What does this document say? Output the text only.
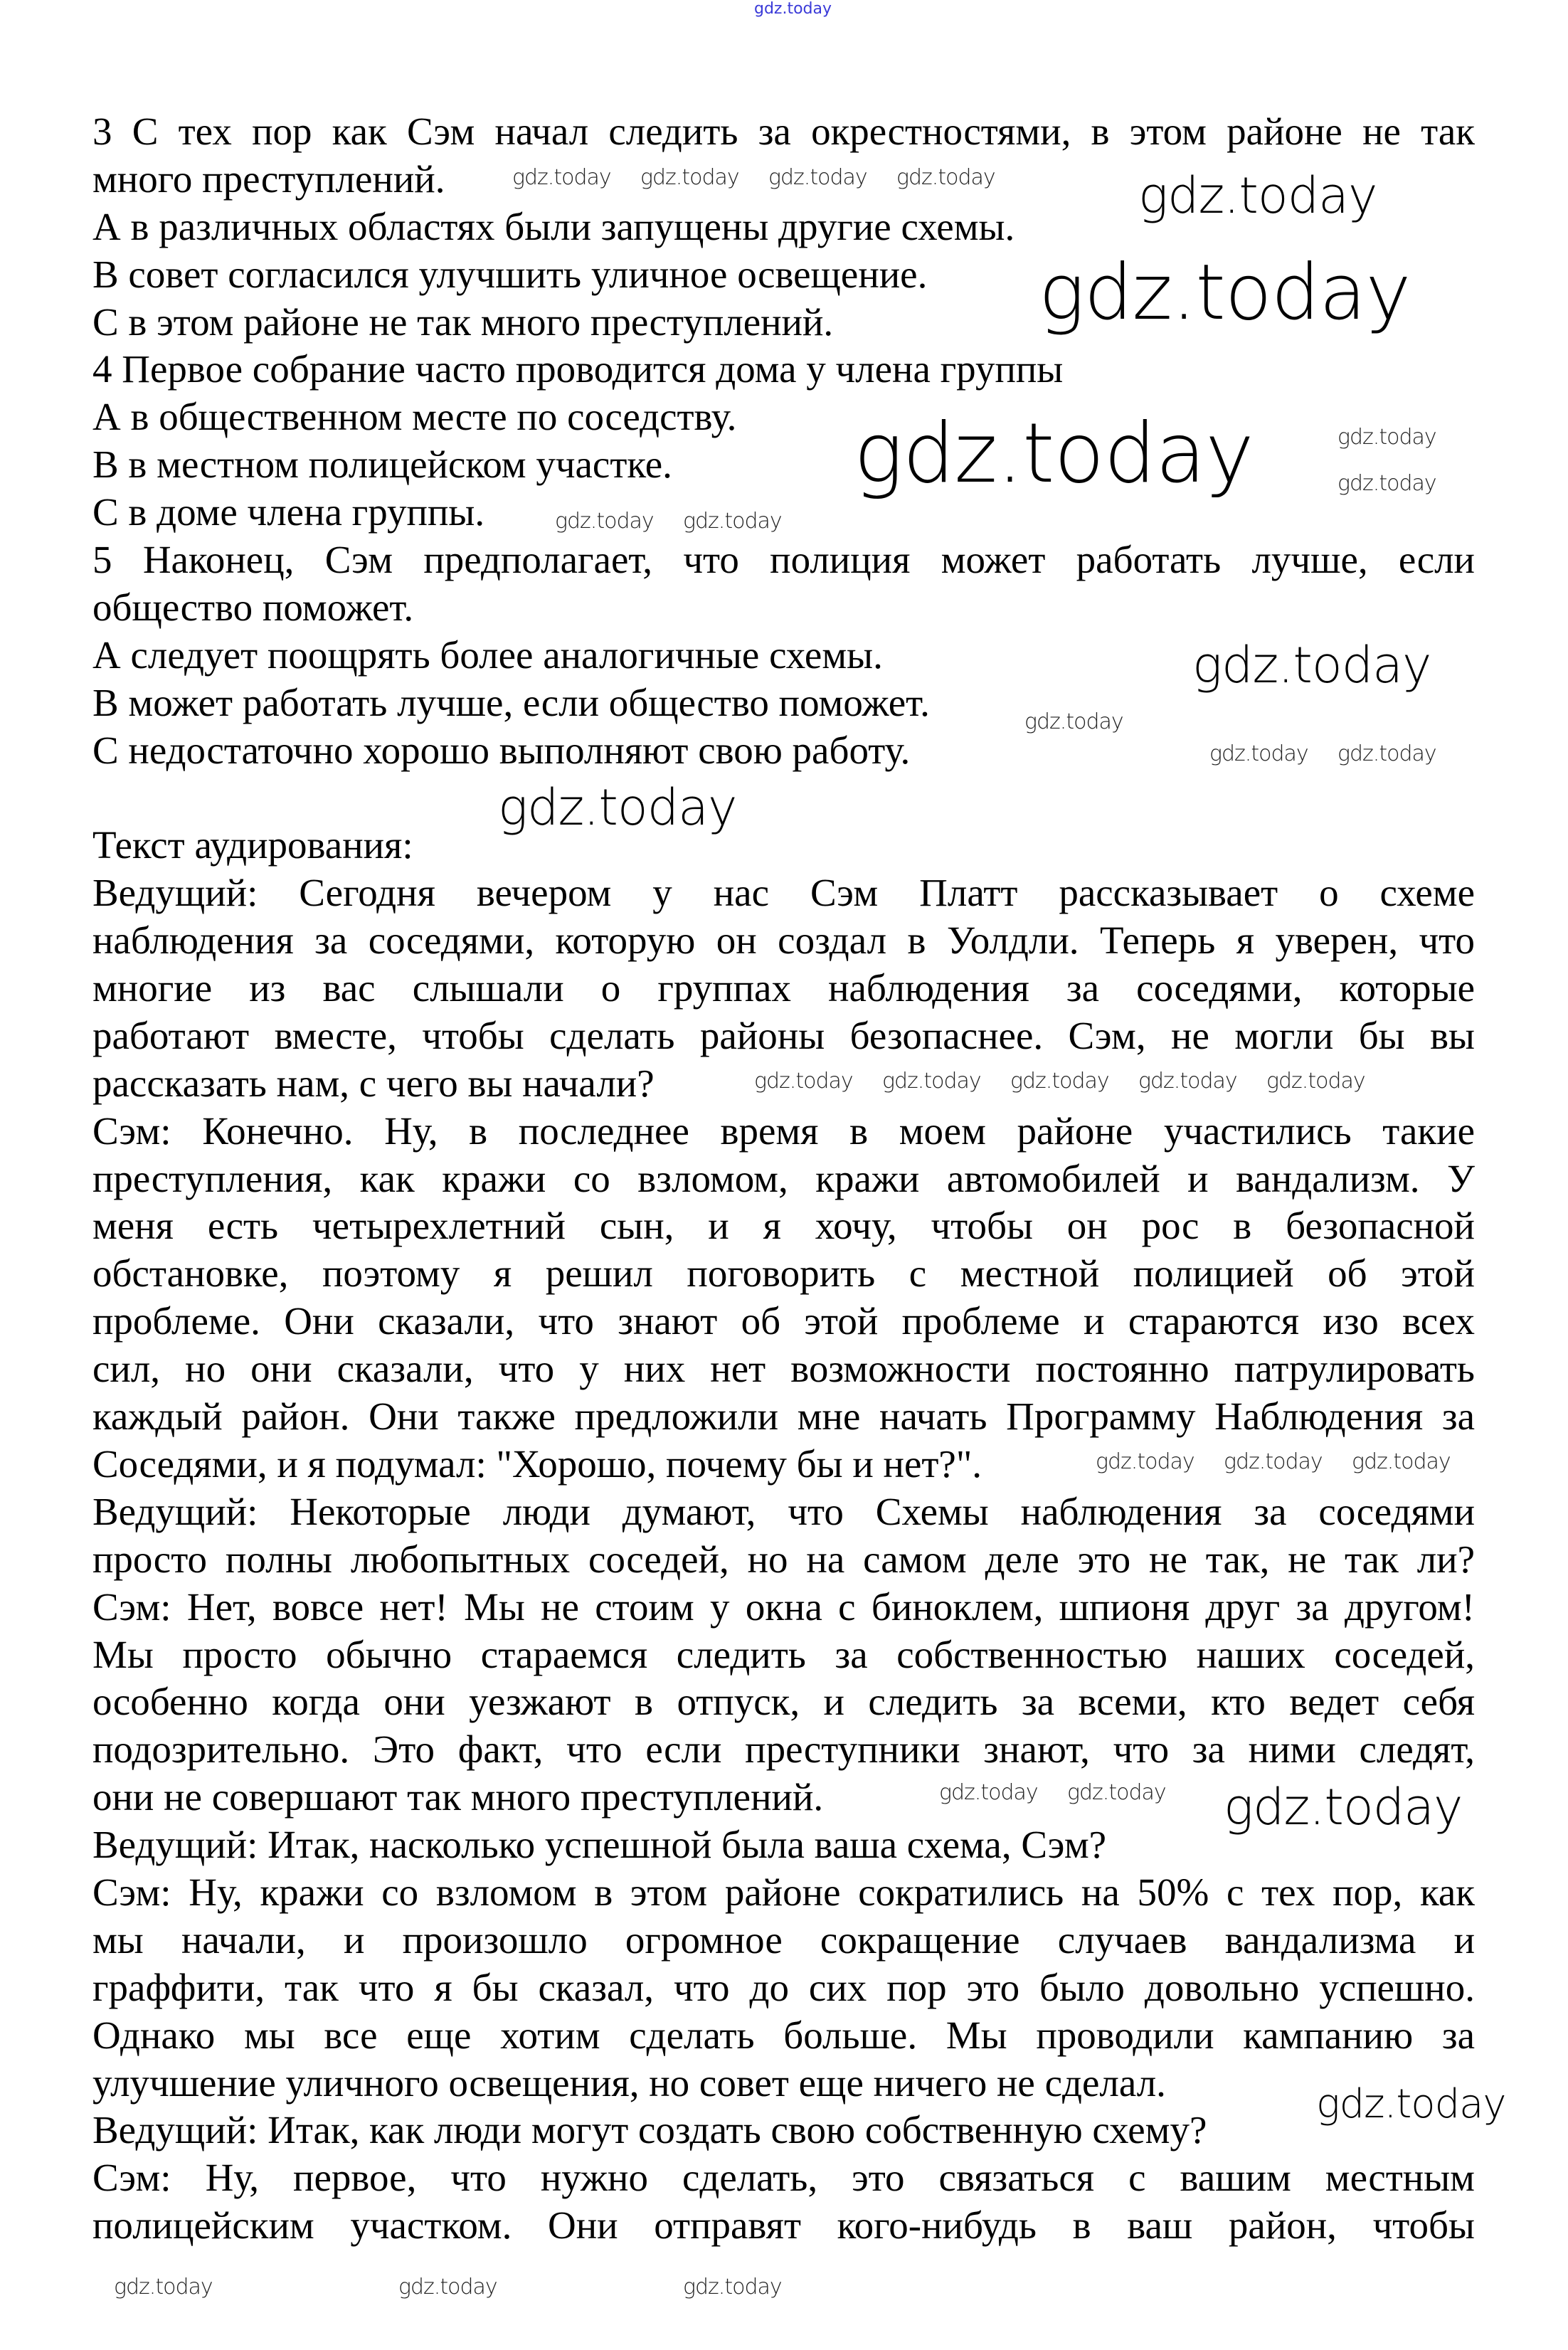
gdz.today
3 С тех пор как Сэм начал следить за окрестностями, в этом районе не так
много преступлений.
А в различных областях были запущены другие схемы.
В совет согласился улучшить уличное освещение.
С в этом районе не так много преступлений.
4 Первое собрание часто проводится дома у члена группы
А в общественном месте по соседству.
В в местном полицейском участке.
С в доме члена группы.
5 Наконец, Сэм предполагает, что полиция может работать лучше, если
общество поможет.
А следует поощрять более аналогичные схемы.
В может работать лучше, если общество поможет.
С недостаточно хорошо выполняют свою работу.
Текст аудирования:
Ведущий: Сегодня вечером у нас Сэм Платт рассказывает о схеме
наблюдения за соседями, которую он создал в Уолдли. Теперь я уверен, что
многие из вас слышали о группах наблюдения за соседями, которые
работают вместе, чтобы сделать районы безопаснее. Сэм, не могли бы вы
рассказать нам, с чего вы начали?
Сэм: Конечно. Ну, в последнее время в моем районе участились такие
преступления, как кражи со взломом, кражи автомобилей и вандализм. У
меня есть четырехлетний сын, и я хочу, чтобы он рос в безопасной
обстановке, поэтому я решил поговорить с местной полицией об этой
проблеме. Они сказали, что знают об этой проблеме и стараются изо всех
сил, но они сказали, что у них нет возможности постоянно патрулировать
каждый район. Они также предложили мне начать Программу Наблюдения за
Соседями, и я подумал: "Хорошо, почему бы и нет?".
Ведущий: Некоторые люди думают, что Схемы наблюдения за соседями
просто полны любопытных соседей, но на самом деле это не так, не так ли?
Сэм: Нет, вовсе нет! Мы не стоим у окна с биноклем, шпионя друг за другом!
Мы просто обычно стараемся следить за собственностью наших соседей,
особенно когда они уезжают в отпуск, и следить за всеми, кто ведет себя
подозрительно. Это факт, что если преступники знают, что за ними следят,
они не совершают так много преступлений.
Ведущий: Итак, насколько успешной была ваша схема, Сэм?
Сэм: Ну, кражи со взломом в этом районе сократились на 50% с тех пор, как
мы начали, и произошло огромное сокращение случаев вандализма и
граффити, так что я бы сказал, что до сих пор это было довольно успешно.
Однако мы все еще хотим сделать больше. Мы проводили кампанию за
улучшение уличного освещения, но совет еще ничего не сделал.
Ведущий: Итак, как люди могут создать свою собственную схему?
Сэм: Ну, первое, что нужно сделать, это связаться с вашим местным
полицейским участком. Они отправят кого-нибудь в ваш район, чтобы
gdz.today
gdz.today
gdz.today
gdz.today
gdz.today
gdz.today
gdz.today
gdz.today gdz.today gdz.today gdz.today
gdz.today gdz.today gdz.today gdz.today gdz.today
gdz.today gdz.today gdz.today
gdz.today gdz.today
gdz.today
gdz.today
gdz.today gdz.today
gdz.today
gdz.today gdz.today
gdz.today	gdz.today	gdz.today
